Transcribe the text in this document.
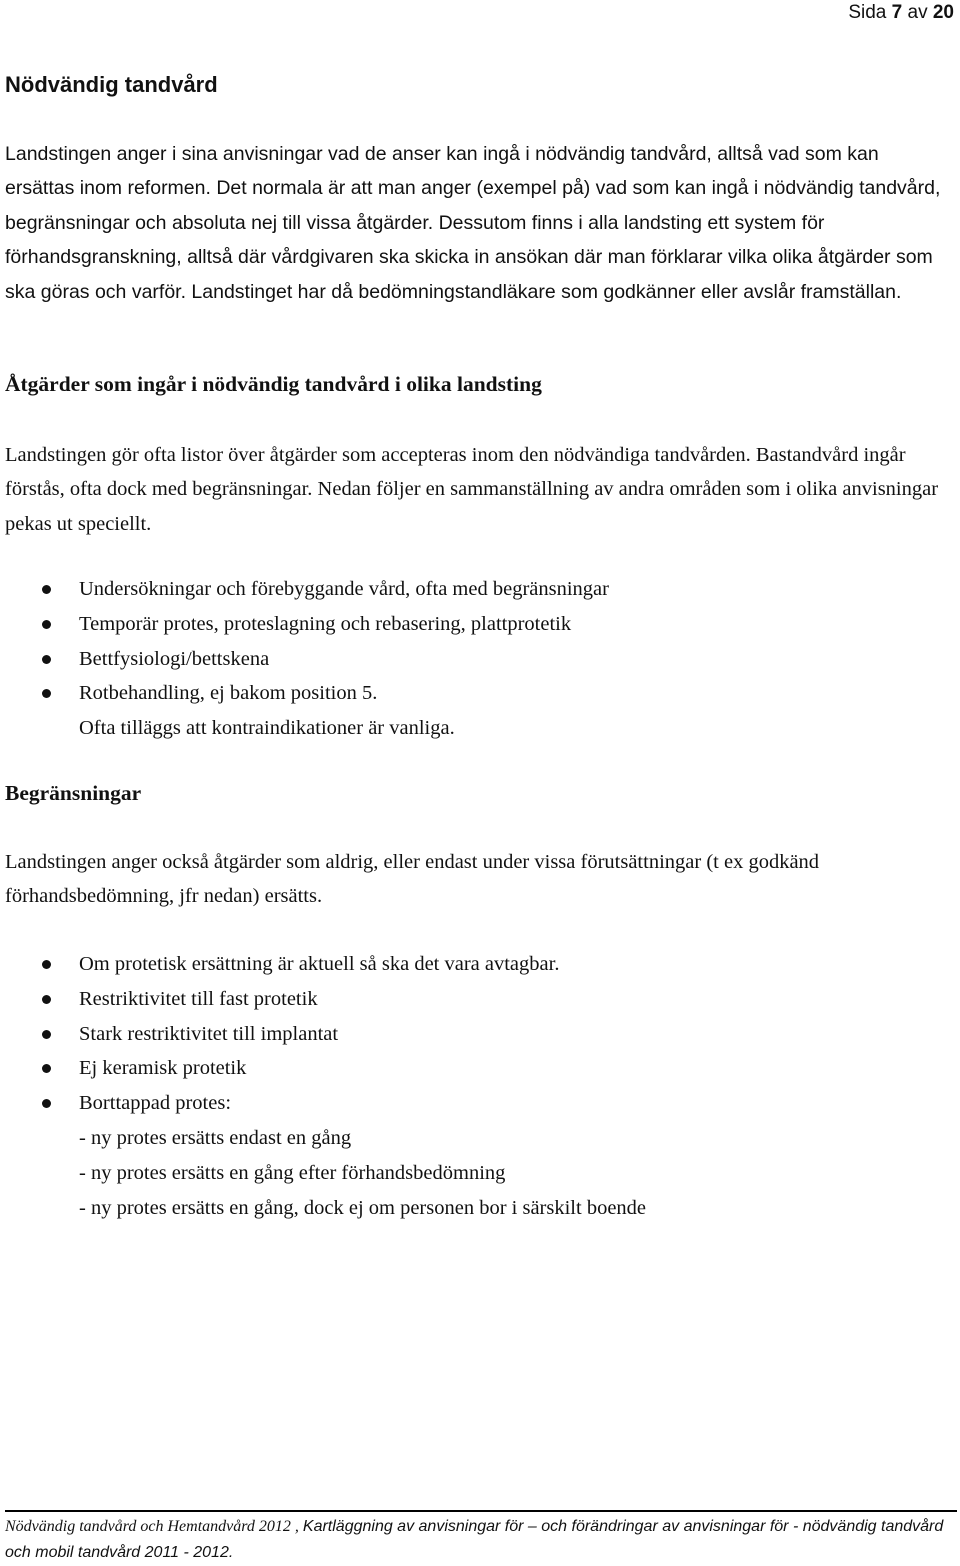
Sida 7 av 20
Nödvändig tandvård

Landstingen anger i sina anvisningar vad de anser kan ingå i nödvändig tandvård, alltså vad som kan ersättas inom reformen. Det normala är att man anger (exempel på) vad som kan ingå i nödvändig tandvård, begränsningar och absoluta nej till vissa åtgärder. Dessutom finns i alla landsting ett system för förhandsgranskning, alltså där vårdgivaren ska skicka in ansökan där man förklarar vilka olika åtgärder som ska göras och varför. Landstinget har då bedömningstandläkare som godkänner eller avslår framställan.

Åtgärder som ingår i nödvändig tandvård i olika landsting

Landstingen gör ofta listor över åtgärder som accepteras inom den nödvändiga tandvården. Bastandvård ingår förstås, ofta dock med begränsningar. Nedan följer en sammanställning av andra områden som i olika anvisningar pekas ut speciellt.

Undersökningar och förebyggande vård, ofta med begränsningar
Temporär protes, proteslagning och rebasering, plattprotetik
Bettfysiologi/bettskena
Rotbehandling, ej bakom position 5.
Ofta tilläggs att kontraindikationer är vanliga.
Begränsningar

Landstingen anger också åtgärder som aldrig, eller endast under vissa förutsättningar (t ex godkänd förhandsbedömning, jfr nedan) ersätts.

Om protetisk ersättning är aktuell så ska det vara avtagbar.
Restriktivitet till fast protetik
Stark restriktivitet till implantat
Ej keramisk protetik
Borttappad protes:
- ny protes ersätts endast en gång
- ny protes ersätts en gång efter förhandsbedömning
- ny protes ersätts en gång, dock ej om personen bor i särskilt boende
Nödvändig tandvård och Hemtandvård 2012 , Kartläggning av anvisningar för – och förändringar av anvisningar för - nödvändig tandvård och mobil tandvård 2011 - 2012.
